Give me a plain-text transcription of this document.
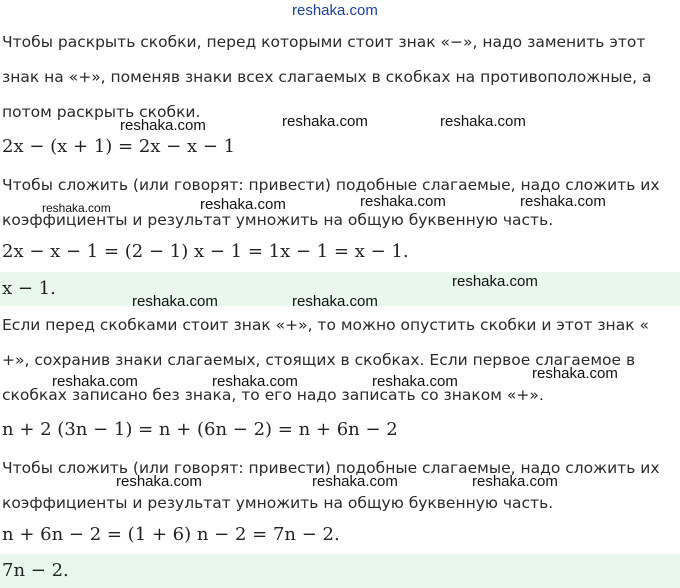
reshaka.com
Чтобы раскрыть скобки, перед которыми стоит знак «−», надо заменить этот
знак на «+», поменяв знаки всех слагаемых в скобках на противоположные, а
потом раскрыть скобки.
reshaka.com	reshaka.com	reshaka.com
2x − (x + 1) = 2x − x − 1
Чтобы сложить (или говорят: привести) подобные слагаемые, надо сложить их
reshaka.com	reshaka.com	reshaka.com	reshaka.com
коэффициенты и результат умножить на общую буквенную часть.
2x − x − 1 = (2 − 1) x − 1 = 1x − 1 = x − 1.
x − 1.	reshaka.com
reshaka.com	reshaka.com
Если перед скобками стоит знак «+», то можно опустить скобки и этот знак «
+», сохранив знаки слагаемых, стоящих в скобках. Если первое слагаемое в
reshaka.com
reshaka.com	reshaka.com	reshaka.com
скобках записано без знака, то его надо записать со знаком «+».
n + 2 (3n − 1) = n + (6n − 2) = n + 6n − 2
Чтобы сложить (или говорят: привести) подобные слагаемые, надо сложить их
reshaka.com	reshaka.com	reshaka.com
коэффициенты и результат умножить на общую буквенную часть.
n + 6n − 2 = (1 + 6) n − 2 = 7n − 2.
7n − 2.
